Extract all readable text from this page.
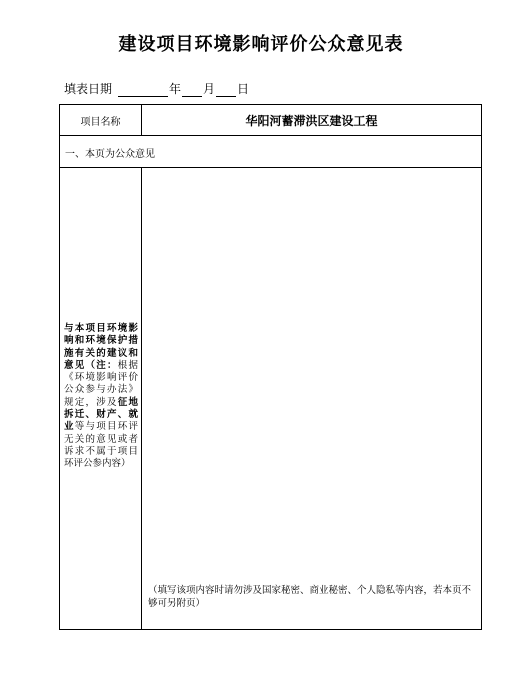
建设项目环境影响评价公众意见表
填表日期	年 月 日
项目名称	华阳河蓄滞洪区建设工程
一、本页为公众意见
与本项目环境影响和环境保护措施有关的建议和意见（注：根据《环境影响评价公众参与办法》规定，涉及征地拆迁、财产、就业等与项目环评无关的意见或者诉求不属于项目环评公参内容）
（填写该项内容时请勿涉及国家秘密、商业秘密、个人隐私等内容，若本页不够可另附页）
